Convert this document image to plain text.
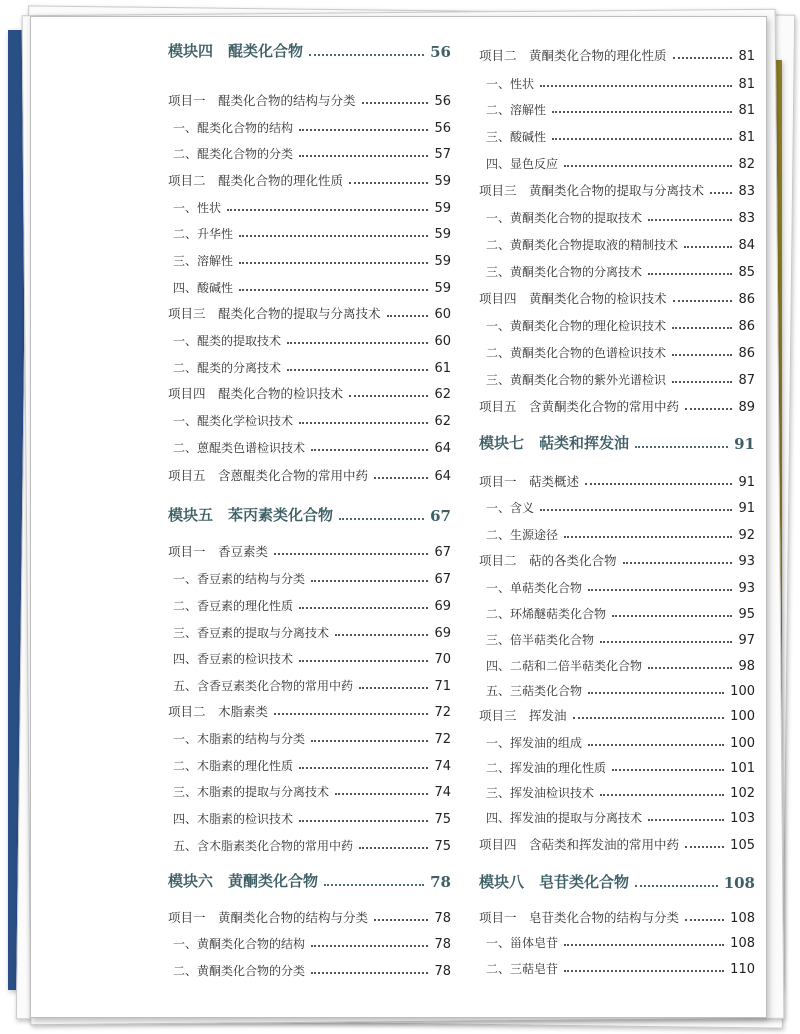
模块四　醌类化合物	56
项目一　醌类化合物的结构与分类	56
一、醌类化合物的结构	56
二、醌类化合物的分类	57
项目二　醌类化合物的理化性质	59
一、性状	59
二、升华性	59
三、溶解性	59
四、酸碱性	59
项目三　醌类化合物的提取与分离技术	60
一、醌类的提取技术	60
二、醌类的分离技术	61
项目四　醌类化合物的检识技术	62
一、醌类化学检识技术	62
二、蒽醌类色谱检识技术	64
项目五　含蒽醌类化合物的常用中药	64
模块五　苯丙素类化合物	67
项目一　香豆素类	67
一、香豆素的结构与分类	67
二、香豆素的理化性质	69
三、香豆素的提取与分离技术	69
四、香豆素的检识技术	70
五、含香豆素类化合物的常用中药	71
项目二　木脂素类	72
一、木脂素的结构与分类	72
二、木脂素的理化性质	74
三、木脂素的提取与分离技术	74
四、木脂素的检识技术	75
五、含木脂素类化合物的常用中药	75
模块六　黄酮类化合物	78
项目一　黄酮类化合物的结构与分类	78
一、黄酮类化合物的结构	78
二、黄酮类化合物的分类	78
项目二　黄酮类化合物的理化性质	81
一、性状	81
二、溶解性	81
三、酸碱性	81
四、显色反应	82
项目三　黄酮类化合物的提取与分离技术	83
一、黄酮类化合物的提取技术	83
二、黄酮类化合物提取液的精制技术	84
三、黄酮类化合物的分离技术	85
项目四　黄酮类化合物的检识技术	86
一、黄酮类化合物的理化检识技术	86
二、黄酮类化合物的色谱检识技术	86
三、黄酮类化合物的紫外光谱检识	87
项目五　含黄酮类化合物的常用中药	89
模块七　萜类和挥发油	91
项目一　萜类概述	91
一、含义	91
二、生源途径	92
项目二　萜的各类化合物	93
一、单萜类化合物	93
二、环烯醚萜类化合物	95
三、倍半萜类化合物	97
四、二萜和二倍半萜类化合物	98
五、三萜类化合物	100
项目三　挥发油	100
一、挥发油的组成	100
二、挥发油的理化性质	101
三、挥发油检识技术	102
四、挥发油的提取与分离技术	103
项目四　含萜类和挥发油的常用中药	105
模块八　皂苷类化合物	108
项目一　皂苷类化合物的结构与分类	108
一、甾体皂苷	108
二、三萜皂苷	110
